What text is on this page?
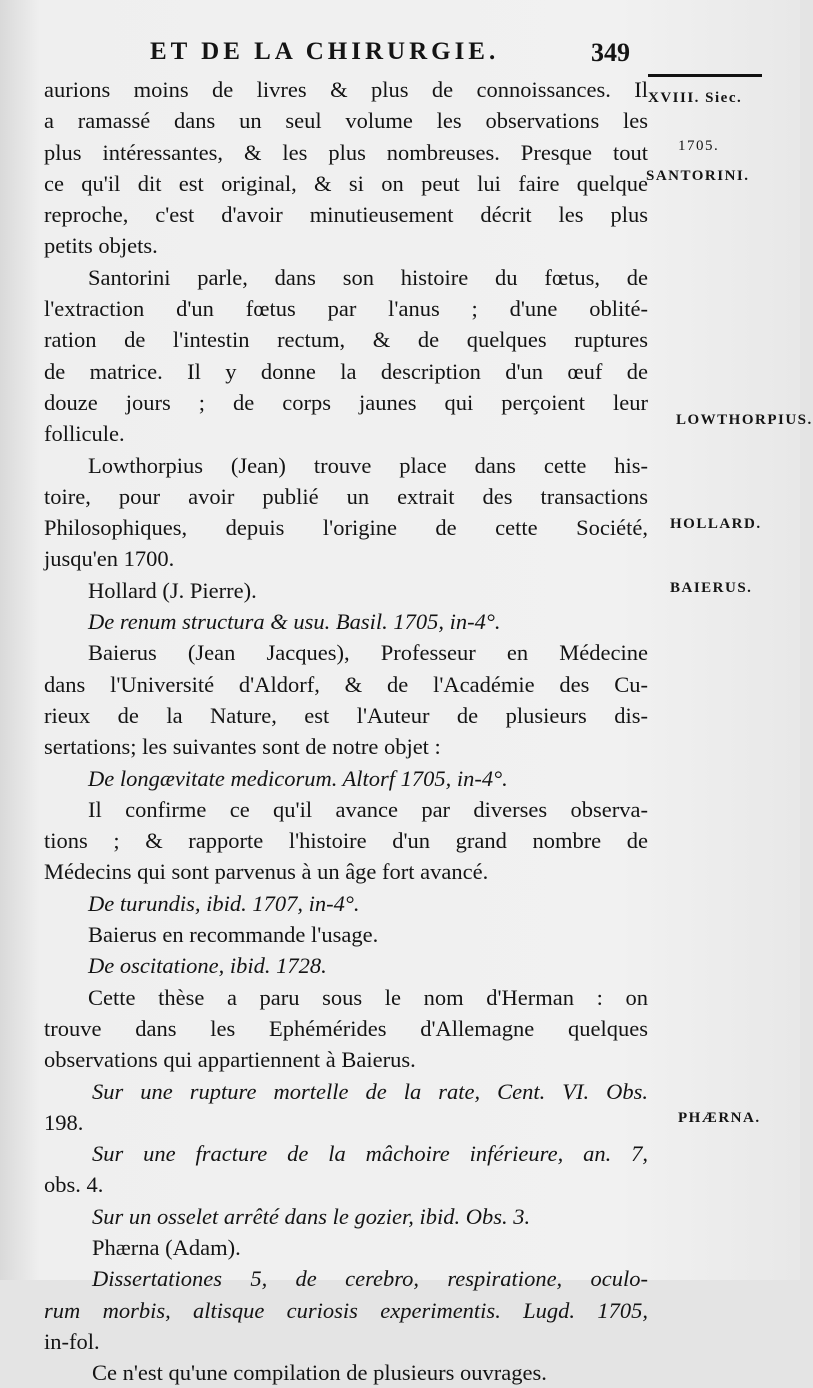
ET DE LA CHIRURGIE.	349
aurions moins de livres & plus de connoissances. Il
a ramassé dans un seul volume les observations les
plus intéressantes, & les plus nombreuses. Presque tout
ce qu'il dit est original, & si on peut lui faire quelque
reproche, c'est d'avoir minutieusement décrit les plus
petits objets.
Santorini parle, dans son histoire du fœtus, de
l'extraction d'un fœtus par l'anus ; d'une oblité-
ration de l'intestin rectum, & de quelques ruptures
de matrice. Il y donne la description d'un œuf de
douze jours ; de corps jaunes qui perçoient leur
follicule.
Lowthorpius (Jean) trouve place dans cette his-
toire, pour avoir publié un extrait des transactions
Philosophiques, depuis l'origine de cette Société,
jusqu'en 1700.
Hollard (J. Pierre).
De renum structura & usu. Basil. 1705, in-4°.
Baierus (Jean Jacques), Professeur en Médecine
dans l'Université d'Aldorf, & de l'Académie des Cu-
rieux de la Nature, est l'Auteur de plusieurs dis-
sertations; les suivantes sont de notre objet :
De longævitate medicorum. Altorf 1705, in-4°.
Il confirme ce qu'il avance par diverses observa-
tions ; & rapporte l'histoire d'un grand nombre de
Médecins qui sont parvenus à un âge fort avancé.
De turundis, ibid. 1707, in-4°.
Baierus en recommande l'usage.
De oscitatione, ibid. 1728.
Cette thèse a paru sous le nom d'Herman : on
trouve dans les Ephémérides d'Allemagne quelques
observations qui appartiennent à Baierus.
Sur une rupture mortelle de la rate, Cent. VI. Obs.
198.
Sur une fracture de la mâchoire inférieure, an. 7,
obs. 4.
Sur un osselet arrêté dans le gozier, ibid. Obs. 3.
Phærna (Adam).
Dissertationes 5, de cerebro, respiratione, oculo-
rum morbis, altisque curiosis experimentis. Lugd. 1705,
in-fol.
Ce n'est qu'une compilation de plusieurs ouvrages.
XVIII. Siec.
1705.
SANTORINI.
LOWTHORPIUS.
HOLLARD.
BAIERUS.
PHÆRNA.
